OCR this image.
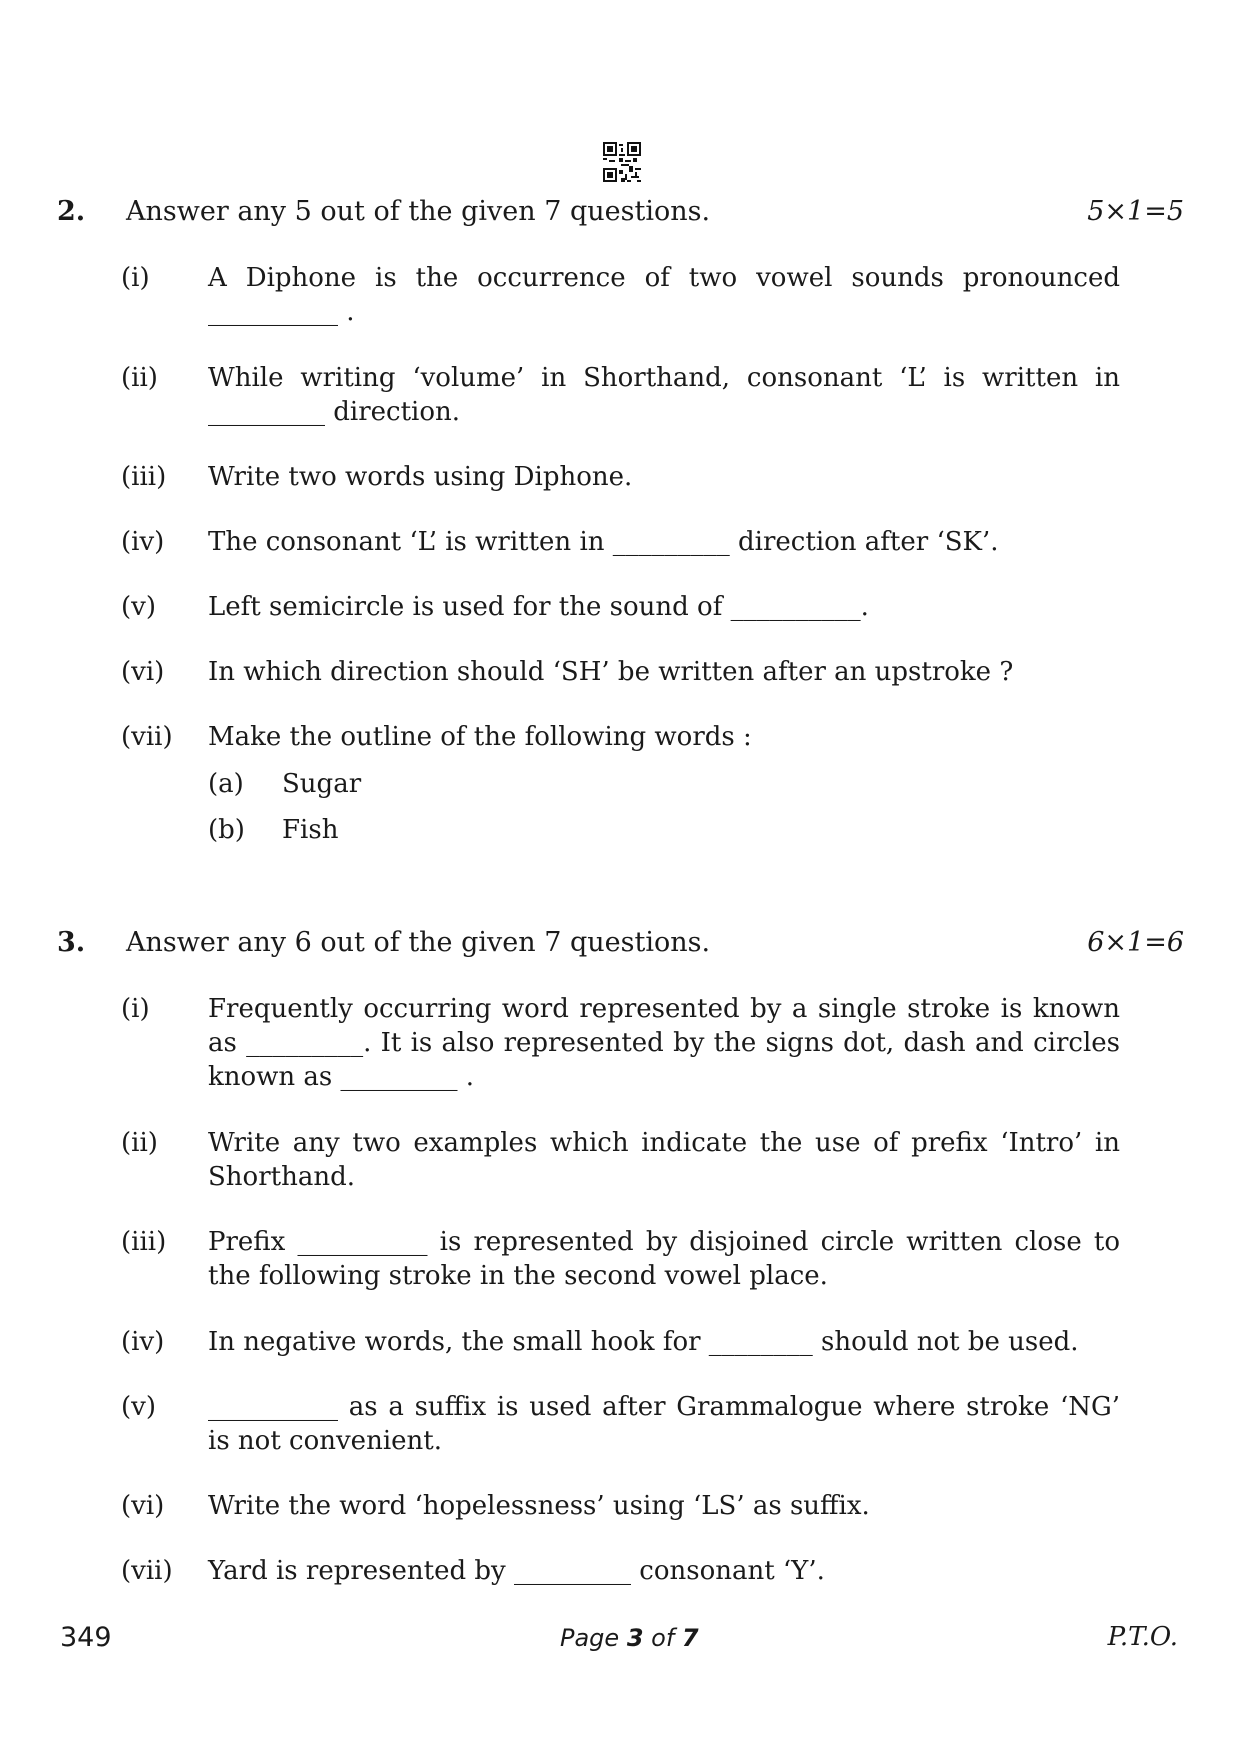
2. Answer any 5 out of the given 7 questions.	5×1=5
(i) A Diphone is the occurrence of two vowel sounds pronounced __________ .
(ii) While writing ‘volume’ in Shorthand, consonant ‘L’ is written in _________ direction.
(iii) Write two words using Diphone.
(iv) The consonant ‘L’ is written in _________ direction after ‘SK’.
(v) Left semicircle is used for the sound of __________.
(vi) In which direction should ‘SH’ be written after an upstroke ?
(vii) Make the outline of the following words :
(a) Sugar
(b) Fish
3. Answer any 6 out of the given 7 questions.	6×1=6
(i) Frequently occurring word represented by a single stroke is known as _________. It is also represented by the signs dot, dash and circles known as _________ .
(ii) Write any two examples which indicate the use of prefix ‘Intro’ in Shorthand.
(iii) Prefix __________ is represented by disjoined circle written close to the following stroke in the second vowel place.
(iv) In negative words, the small hook for ________ should not be used.
(v) __________ as a suffix is used after Grammalogue where stroke ‘NG’ is not convenient.
(vi) Write the word ‘hopelessness’ using ‘LS’ as suffix.
(vii) Yard is represented by _________ consonant ‘Y’.
349	Page 3 of 7	P.T.O.
